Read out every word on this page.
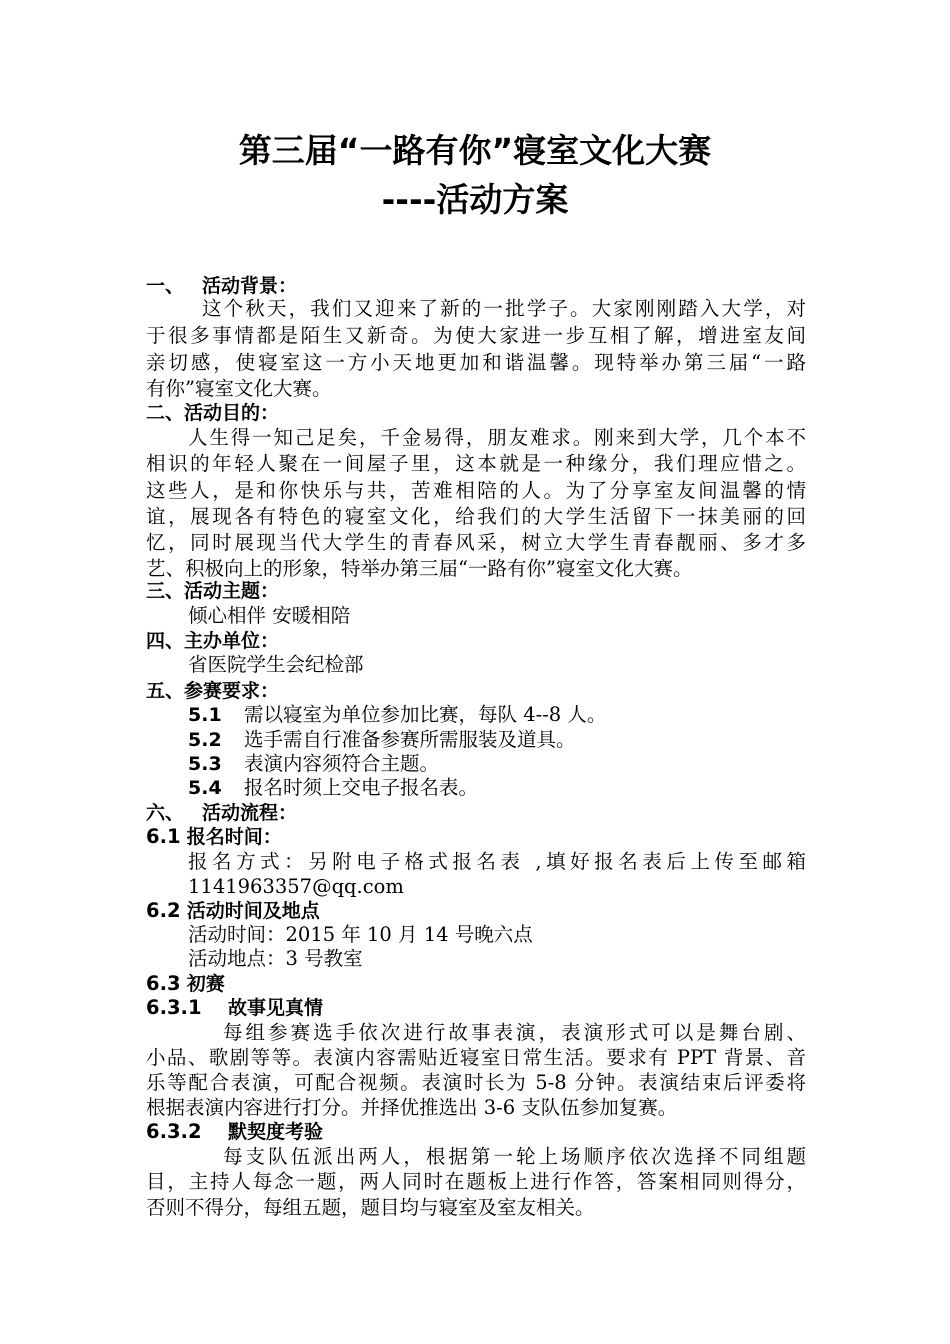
第三届“一路有你”寝室文化大赛
----活动方案
一、 活动背景：
这个秋天，我们又迎来了新的一批学子。大家刚刚踏入大学，对
于很多事情都是陌生又新奇。为使大家进一步互相了解，增进室友间
亲切感，使寝室这一方小天地更加和谐温馨。现特举办第三届“一路
有你”寝室文化大赛。
二、活动目的：
人生得一知己足矣，千金易得，朋友难求。刚来到大学，几个本不
相识的年轻人聚在一间屋子里，这本就是一种缘分，我们理应惜之。
这些人，是和你快乐与共，苦难相陪的人。为了分享室友间温馨的情
谊，展现各有特色的寝室文化，给我们的大学生活留下一抹美丽的回
忆，同时展现当代大学生的青春风采，树立大学生青春靓丽、多才多
艺、积极向上的形象，特举办第三届“一路有你”寝室文化大赛。
三、活动主题：
倾心相伴 安暖相陪
四、主办单位：
省医院学生会纪检部
五、参赛要求：
5.1 需以寝室为单位参加比赛，每队 4--8 人。
5.2 选手需自行准备参赛所需服装及道具。
5.3 表演内容须符合主题。
5.4 报名时须上交电子报名表。
六、 活动流程：
6.1 报名时间：
报名方式：另附电子格式报名表 ,填好报名表后上传至邮箱
1141963357@qq.com
6.2 活动时间及地点
活动时间：2015 年 10 月 14 号晚六点
活动地点：3 号教室
6.3 初赛
6.3.1 故事见真情
每组参赛选手依次进行故事表演，表演形式可以是舞台剧、
小品、歌剧等等。表演内容需贴近寝室日常生活。要求有 PPT 背景、音
乐等配合表演，可配合视频。表演时长为 5-8 分钟。表演结束后评委将
根据表演内容进行打分。并择优推选出 3-6 支队伍参加复赛。
6.3.2 默契度考验
每支队伍派出两人，根据第一轮上场顺序依次选择不同组题
目，主持人每念一题，两人同时在题板上进行作答，答案相同则得分，
否则不得分，每组五题，题目均与寝室及室友相关。
